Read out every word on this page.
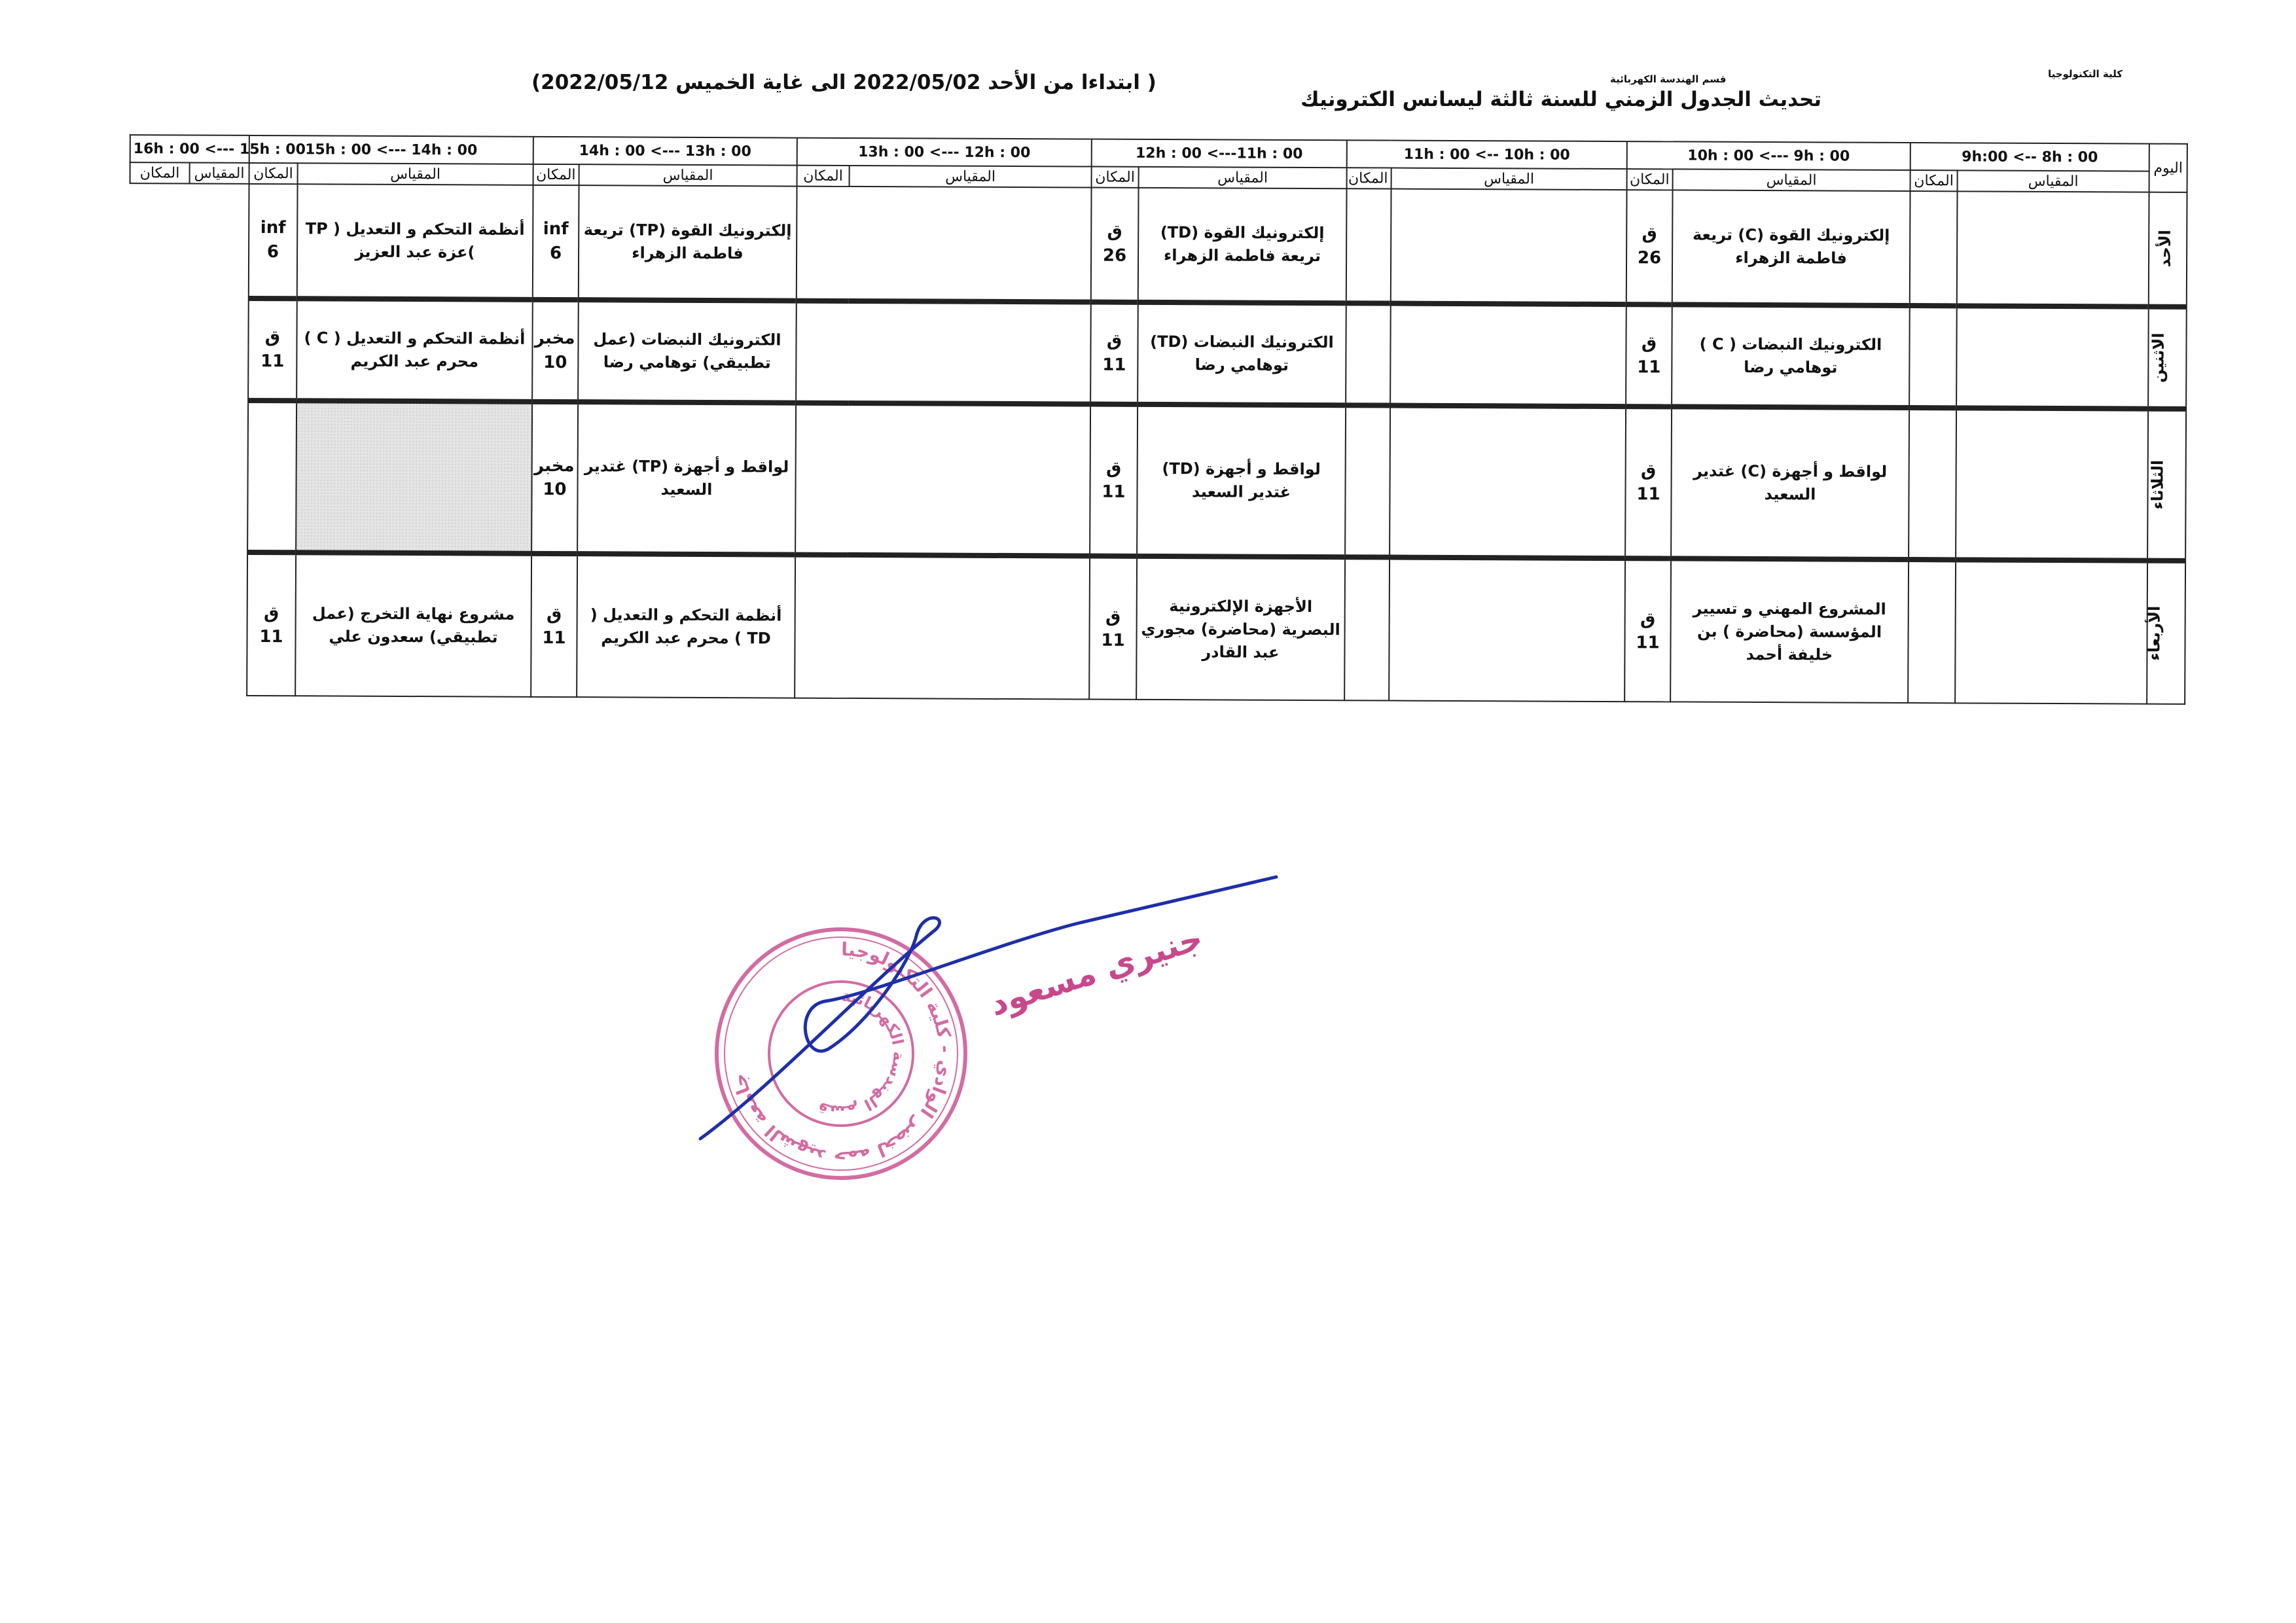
كلية التكنولوجيا
قسم الهندسة الكهربائية
تحديث الجدول الزمني للسنة ثالثة ليسانس الكترونيك
( ابتداءا من الأحد 2022/05/02 الى غاية الخميس 2022/05/12)
اليوم	9h:00 <-- 8h : 00		10h : 00 <--- 9h : 00		11h : 00 <-- 10h : 00		12h : 00 <---11h : 00		13h : 00 <--- 12h : 00		14h : 00 <--- 13h : 00		15h : 00 <--- 14h : 00		16h : 00 <--- 15h : 00	
	المقياس	المكان	المقياس	المكان	المقياس	المكان	المقياس	المكان	المقياس	المكان	المقياس	المكان	المقياس	المكان	المقياس	المكان
الأحد			إلكترونيك القوة (C) تريعة فاطمة الزهراء	ق 26			إلكترونيك القوة (TD) تريعة فاطمة الزهراء	ق 26			إلكترونيك القوة (TP) تريعة فاطمة الزهراء	inf 6	أنظمة التحكم و التعديل ( TP )عزة عبد العزيز	inf 6		
الاثنين			الكترونيك النبضات ( C ) توهامي رضا	ق 11			الكترونيك النبضات (TD) توهامي رضا	ق 11			الكترونيك النبضات (عمل تطبيقي) توهامي رضا	مخبر 10	أنظمة التحكم و التعديل ( C ) محرم عبد الكريم	ق 11		
الثلاثاء			لواقط و أجهزة (C) غتدير السعيد	ق 11			لواقط و أجهزة (TD) غتدير السعيد	ق 11			لواقط و أجهزة (TP) غتدير السعيد	مخبر 10				
الأربعاء			المشروع المهني و تسيير المؤسسة (محاضرة ) بن خليفة أحمد	ق 11			الأجهزة الإلكترونية البصرية (محاضرة) مجوري عبد القادر	ق 11			أنظمة التحكم و التعديل ( TD ) محرم عبد الكريم	ق 11	مشروع نهاية التخرج (عمل تطبيقي) سعدون علي	ق 11		
جامعة الشهيد حمه لخضر الوادي - كلية التكنولوجيا
قسم الهندسة الكهربائية
جنيري مسعود
